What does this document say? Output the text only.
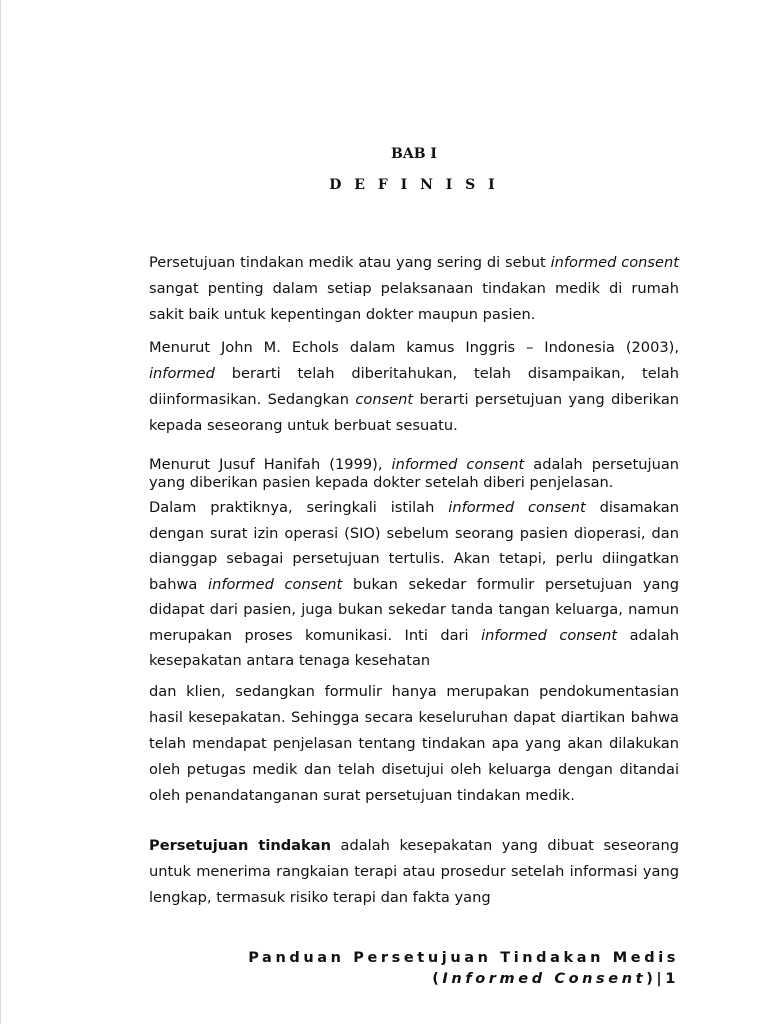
BAB I
D E F I N I S I

Persetujuan tindakan medik atau yang sering di sebut informed consent sangat penting dalam setiap pelaksanaan tindakan medik di rumah sakit baik untuk kepentingan dokter maupun pasien.

Menurut John M. Echols dalam kamus Inggris – Indonesia (2003), informed berarti telah diberitahukan, telah disampaikan, telah diinformasikan. Sedangkan consent berarti persetujuan yang diberikan kepada seseorang untuk berbuat sesuatu.

Menurut Jusuf Hanifah (1999), informed consent adalah persetujuan yang diberikan pasien kepada dokter setelah diberi penjelasan.

Dalam praktiknya, seringkali istilah informed consent disamakan dengan surat izin operasi (SIO) sebelum seorang pasien dioperasi, dan dianggap sebagai persetujuan tertulis. Akan tetapi, perlu diingatkan bahwa informed consent bukan sekedar formulir persetujuan yang didapat dari pasien, juga bukan sekedar tanda tangan keluarga, namun merupakan proses komunikasi. Inti dari informed consent adalah kesepakatan antara tenaga kesehatan

dan klien, sedangkan formulir hanya merupakan pendokumentasian hasil kesepakatan. Sehingga secara keseluruhan dapat diartikan bahwa telah mendapat penjelasan tentang tindakan apa yang akan dilakukan oleh petugas medik dan telah disetujui oleh keluarga dengan ditandai oleh penandatanganan surat persetujuan tindakan medik.

Persetujuan tindakan adalah kesepakatan yang dibuat seseorang untuk menerima rangkaian terapi atau prosedur setelah informasi yang lengkap, termasuk risiko terapi dan fakta yang

Panduan Persetujuan Tindakan Medis
(Informed Consent)|1
